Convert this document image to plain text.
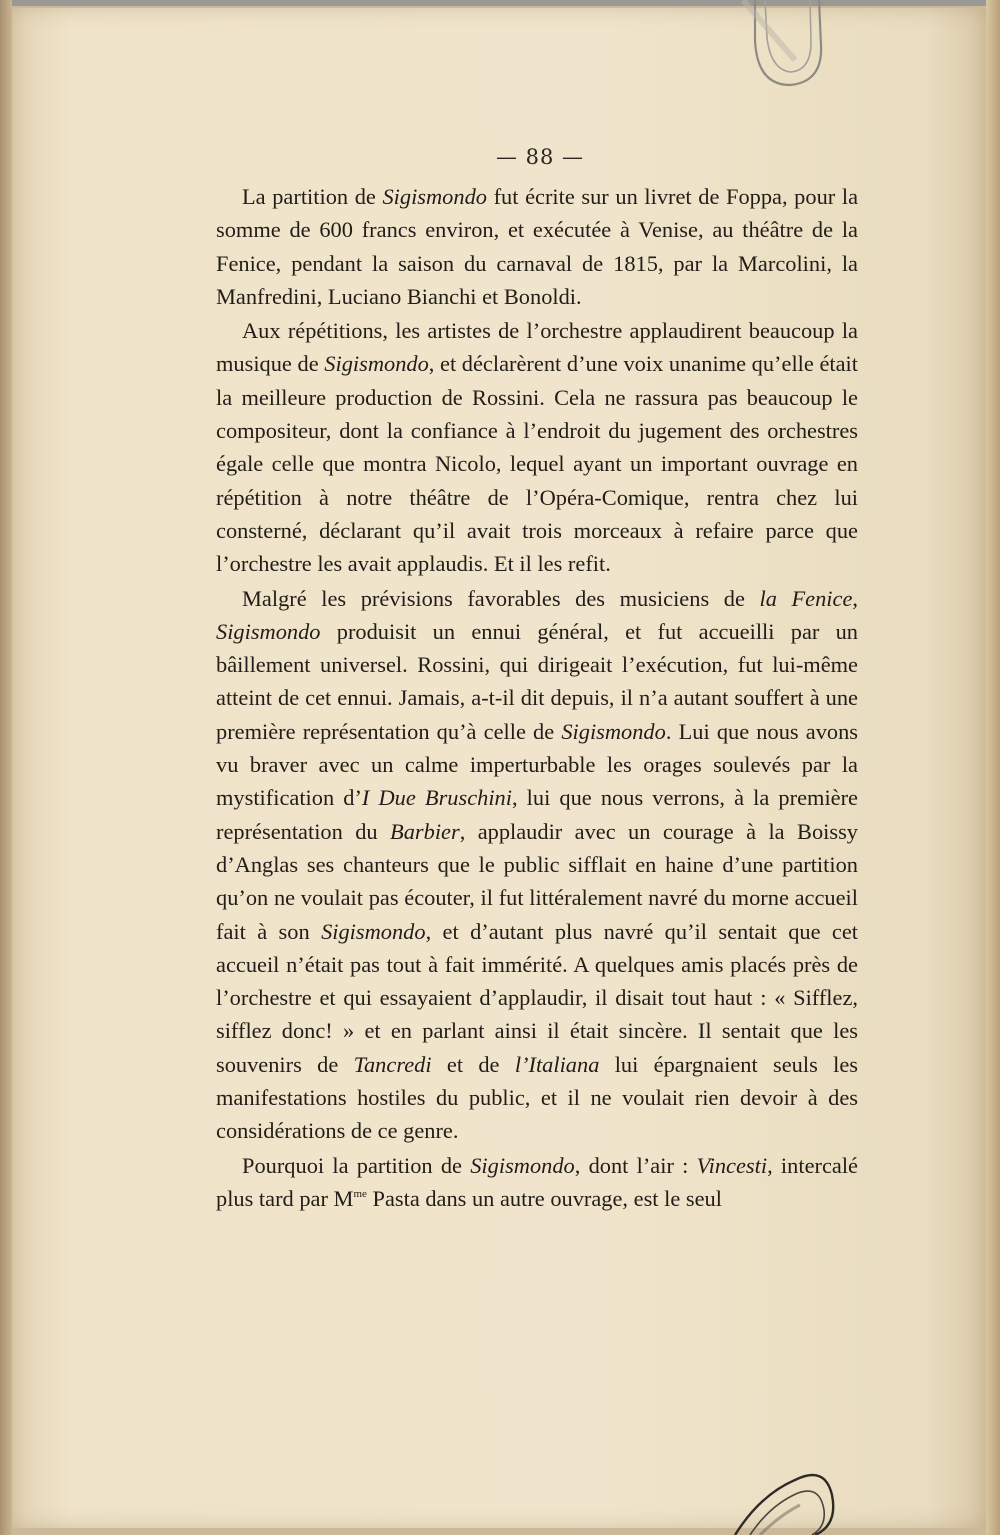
— 88 —

La partition de Sigismondo fut écrite sur un livret de Foppa, pour la somme de 600 francs environ, et exécutée à Venise, au théâtre de la Fenice, pendant la saison du carnaval de 1815, par la Marcolini, la Manfredini, Luciano Bianchi et Bonoldi.

Aux répétitions, les artistes de l’orchestre applaudirent beaucoup la musique de Sigismondo, et déclarèrent d’une voix unanime qu’elle était la meilleure production de Rossini. Cela ne rassura pas beaucoup le compositeur, dont la confiance à l’endroit du jugement des orchestres égale celle que montra Nicolo, lequel ayant un important ouvrage en répétition à notre théâtre de l’Opéra-Comique, rentra chez lui consterné, déclarant qu’il avait trois morceaux à refaire parce que l’orchestre les avait applaudis. Et il les refit.

Malgré les prévisions favorables des musiciens de la Fenice, Sigismondo produisit un ennui général, et fut accueilli par un bâillement universel. Rossini, qui dirigeait l’exécution, fut lui-même atteint de cet ennui. Jamais, a-t-il dit depuis, il n’a autant souffert à une première représentation qu’à celle de Sigismondo. Lui que nous avons vu braver avec un calme imperturbable les orages soulevés par la mystification d’I Due Bruschini, lui que nous verrons, à la première représentation du Barbier, applaudir avec un courage à la Boissy d’Anglas ses chanteurs que le public sifflait en haine d’une partition qu’on ne voulait pas écouter, il fut littéralement navré du morne accueil fait à son Sigismondo, et d’autant plus navré qu’il sentait que cet accueil n’était pas tout à fait immérité. A quelques amis placés près de l’orchestre et qui essayaient d’applaudir, il disait tout haut : « Sifflez, sifflez donc! » et en parlant ainsi il était sincère. Il sentait que les souvenirs de Tancredi et de l’Italiana lui épargnaient seuls les manifestations hostiles du public, et il ne voulait rien devoir à des considérations de ce genre.

Pourquoi la partition de Sigismondo, dont l’air : Vincesti, intercalé plus tard par $M^{me}$ Pasta dans un autre ouvrage, est le seul
